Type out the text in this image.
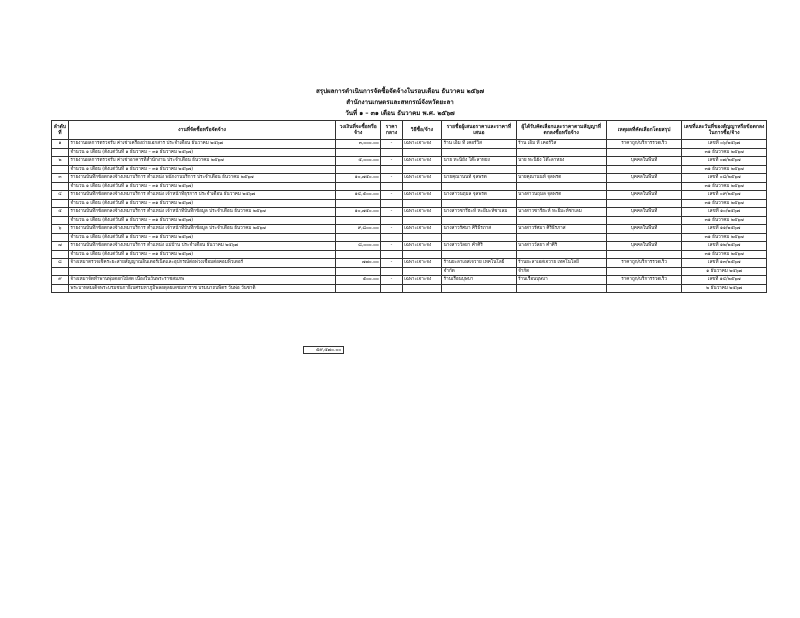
สรุปผลการดำเนินการจัดซื้อจัดจ้างในรอบเดือน ธันวาคม ๒๕๖๗
สำนักงานเกษตรและสหกรณ์จังหวัดยะลา
วันที่ ๑ – ๓๑ เดือน ธันวาคม พ.ศ. ๒๕๖๗
ลำดับที่	งานที่จัดซื้อหรือจัดจ้าง	วงเงินที่จะซื้อหรือจ้าง	ราคากลาง	วิธีซื้อ/จ้าง	รายชื่อผู้เสนอราคาและราคาที่เสนอ	ผู้ได้รับคัดเลือกและราคาตามสัญญาที่ตกลงซื้อหรือจ้าง	เหตุผลที่คัดเลือกโดยสรุป	เลขที่และวันที่ของสัญญาหรือข้อตกลงในการซื้อ/จ้าง
๑	รายงานผลการตรวจรับ ค่าเช่าเครื่องถ่ายเอกสาร ประจำเดือน ธันวาคม ๒๕๖๗	๓,๐๐๐.๐๐	-	เฉพาะเจาะจง	ร้าน เอ็ม ที เคอร์วิส	ร้าน เอ็ม ที เคอร์วิส	ราคาถูก/บริการรวดเร็ว	เลขที่ ๐๖/๒๕๖๗
	จำนวน ๑ เดือน (ตั้งแต่วันที่ ๑ ธันวาคม – ๓๑ ธันวาคม ๒๕๖๗)							๓๑ ธันวาคม ๒๕๖๗
๒	รายงานผลการตรวจรับ ค่าเช่าอาคารที่สำนักงาน ประจำเดือน ธันวาคม ๒๕๖๗	๕,๐๐๐.๐๐	-	เฉพาะเจาะจง	นาย ทะนิยัง โต๊ะลาหยง	นาย ทะนิยัง โต๊ะลาหยง	บุคคลในพื้นที่	เลขที่ ๐๗/๒๕๖๗
	จำนวน ๑ เดือน (ตั้งแต่วันที่ ๑ ธันวาคม – ๓๑ ธันวาคม ๒๕๖๗)							๓๑ ธันวาคม ๒๕๖๗
๓	รายงานบันทึกข้อตกลงจ้างเหมาบริการ ตำแหน่ง พนักงานบริการ ประจำเดือน ธันวาคม ๒๕๖๗	๑๐,๗๕๐.๐๐	-	เฉพาะเจาะจง	นายคุณานนท์ จุลพรต	นายคุณานนท์ จุลพรต	บุคคลในพื้นที่	เลขที่ ๐๘/๒๕๖๗
	จำนวน ๑ เดือน (ตั้งแต่วันที่ ๑ ธันวาคม – ๓๑ ธันวาคม ๒๕๖๗)							๓๑ ธันวาคม ๒๕๖๗
๔	รายงานบันทึกข้อตกลงจ้างเหมาบริการ ตำแหน่ง เจ้าหน้าที่ธุรการ ประจำเดือน ธันวาคม ๒๕๖๗	๑๔,๕๐๐.๐๐	-	เฉพาะเจาะจง	นางสาวนฤมล จุลพรต	นางสาวนฤมล จุลพรต	บุคคลในพื้นที่	เลขที่ ๐๙/๒๕๖๗
	จำนวน ๑ เดือน (ตั้งแต่วันที่ ๑ ธันวาคม – ๓๑ ธันวาคม ๒๕๖๗)							๓๑ ธันวาคม ๒๕๖๗
๕	รายงานบันทึกข้อตกลงจ้างเหมาบริการ ตำแหน่ง เจ้าหน้าที่บันทึกข้อมูล ประจำเดือน ธันวาคม ๒๕๖๗	๑๐,๗๕๐.๐๐	-	เฉพาะเจาะจง	นางสาวซารีฮะห์ หะยีมะห์ซาเลม	นางสาวซารีฮะห์ หะยีมะห์ซาเลม	บุคคลในพื้นที่	เลขที่ ๑๐/๒๕๖๗
	จำนวน ๑ เดือน (ตั้งแต่วันที่ ๑ ธันวาคม – ๓๑ ธันวาคม ๒๕๖๗)							๓๑ ธันวาคม ๒๕๖๗
๖	รายงานบันทึกข้อตกลงจ้างเหมาบริการ ตำแหน่ง เจ้าหน้าที่บันทึกข้อมูล ประจำเดือน ธันวาคม ๒๕๖๗	๙,๘๐๐.๐๐	-	เฉพาะเจาะจง	นางสาวรัศมา ศิริธีรภาส	นางสาวรัศมา ศิริธีรภาส	บุคคลในพื้นที่	เลขที่ ๑๑/๒๕๖๗
	จำนวน ๑ เดือน (ตั้งแต่วันที่ ๑ ธันวาคม – ๓๑ ธันวาคม ๒๕๖๗)							๓๑ ธันวาคม ๒๕๖๗
๗	รายงานบันทึกข้อตกลงจ้างเหมาบริการ ตำแหน่ง แม่บ้าน ประจำเดือน ธันวาคม ๒๕๖๗	๘,๐๐๐.๐๐	-	เฉพาะเจาะจง	นางสาววัลยา คำศิริ	นางสาววัลยา คำศิริ	บุคคลในพื้นที่	เลขที่ ๑๒/๒๕๖๗
	จำนวน ๑ เดือน (ตั้งแต่วันที่ ๑ ธันวาคม – ๓๑ ธันวาคม ๒๕๖๗)							๓๑ ธันวาคม ๒๕๖๗
๘	จ้างเหมาตรวจเช็คระยะสายสัญญาณอินเตอร์เน็ตและอุปกรณ์ต่อพ่วงเชื่อมต่อคอมพิวเตอร์	๗๗๐.๐๐	-	เฉพาะเจาะจง	ร้านยะลาเอสเจวาย เทคโนโลยี	ร้านยะลาเอสเจวาย เทคโนโลยี	ราคาถูก/บริการรวดเร็ว	เลขที่ ๑๓/๒๕๖๗
					จำกัด	จำกัด		๑ ธันวาคม ๒๕๖๗
๙	จ้างเหมาจัดทำพานพุ่มดอกไม้สด เนื่องในวันพระราชสมภพ	๕๐๐.๐๐	-	เฉพาะเจาะจง	ร้านเรือนบุษบา	ร้านเรือนบุษบา	ราคาถูก/บริการรวดเร็ว	เลขที่ ๑๔/๒๕๖๗
	พระบาทสมเด็จพระบรมชนกาธิเบศรมหาภูมิพลอดุลยเดชมหาราช บรมนาถบพิตร วันพ่อ วันชาติ							๒ ธันวาคม ๒๕๖๗
๕๙,๕๗๐.๐๐
